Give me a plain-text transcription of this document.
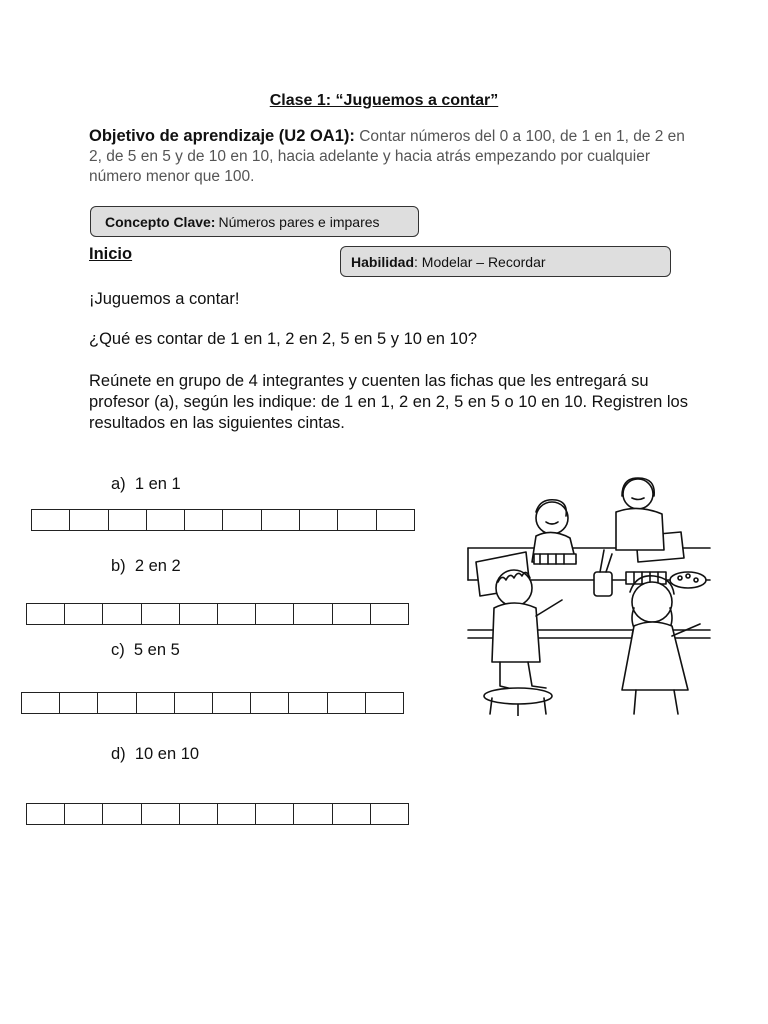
Clase 1: “Juguemos a contar”
Objetivo de aprendizaje (U2 OA1): Contar números del 0 a 100, de 1 en 1, de 2 en 2, de 5 en 5 y de 10 en 10, hacia adelante y hacia atrás empezando por cualquier número menor que 100.
Concepto Clave: Números pares e impares
Inicio	Habilidad : Modelar – Recordar
¡Juguemos a contar!
¿Qué es contar de 1 en 1, 2 en 2, 5 en 5 y 10 en 10?
Reúnete en grupo de 4 integrantes y cuenten las fichas que les entregará su profesor (a), según les indique: de 1 en 1, 2 en 2, 5 en 5 o 10 en 10. Registren los resultados en las siguientes cintas.
a) 1 en 1
b) 2 en 2
c) 5 en 5
d) 10 en 10
